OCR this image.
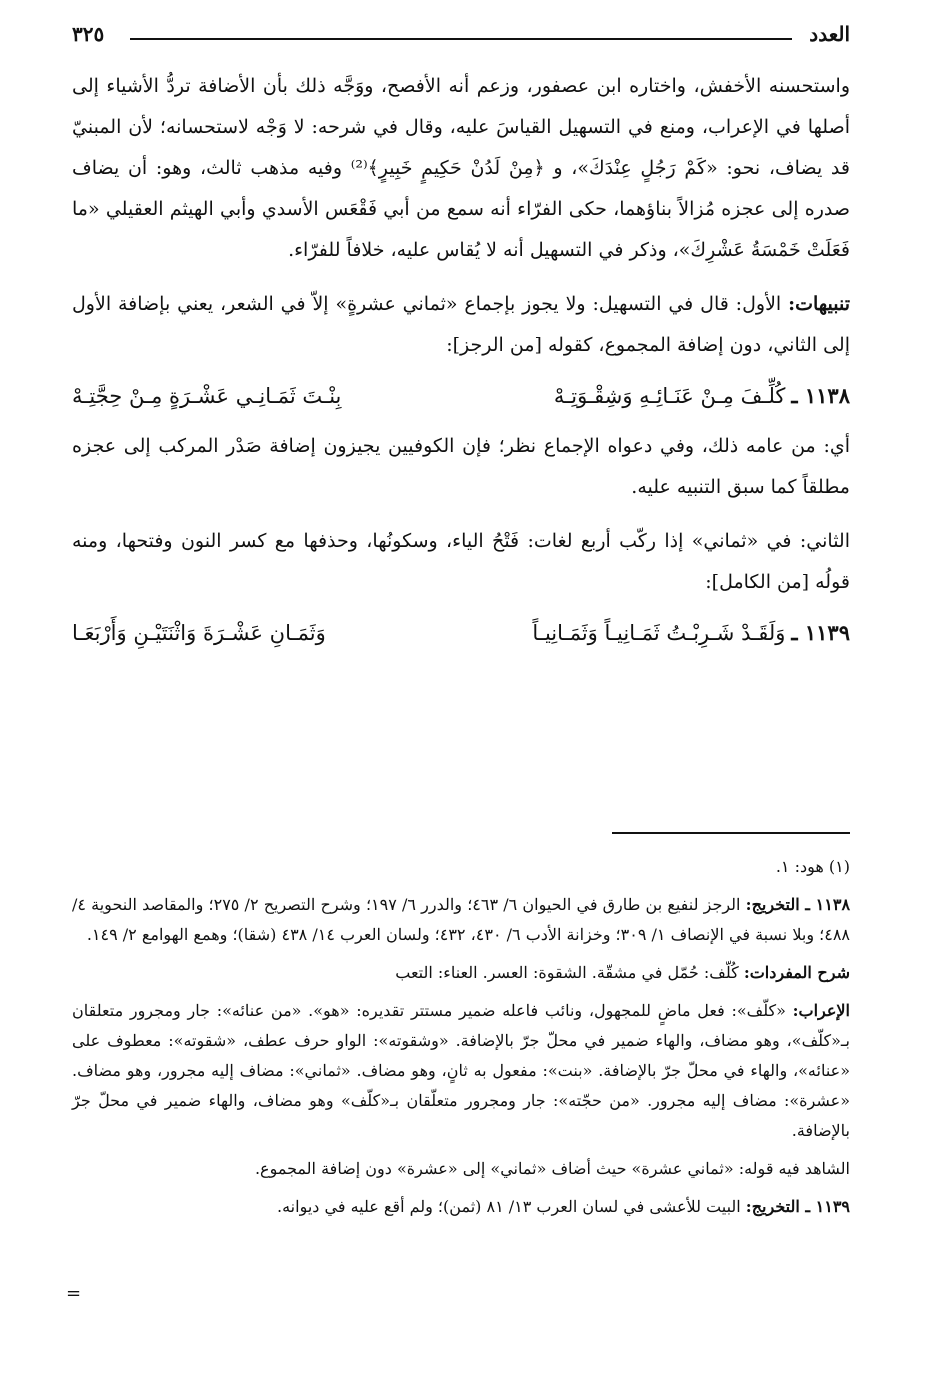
العدد
٣٢٥

واستحسنه الأخفش، واختاره ابن عصفور، وزعم أنه الأفصح، ووَجَّه ذلك بأن الأضافة تردُّ الأشياء إلى أصلها في الإعراب، ومنع في التسهيل القياسَ عليه، وقال في شرحه: لا وَجْه لاستحسانه؛ لأن المبنيّ قد يضاف، نحو: «كَمْ رَجُلٍ عِنْدَكَ»، و ﴿مِنْ لَدُنْ حَكِيمٍ خَبِيرٍ﴾⁽²⁾ وفيه مذهب ثالث، وهو: أن يضاف صدره إلى عجزه مُزالاً بناؤهما، حكى الفرّاء أنه سمع من أبي فَقْعَس الأسدي وأبي الهيثم العقيلي «ما فَعَلَتْ خَمْسَةُ عَشْرِكَ»، وذكر في التسهيل أنه لا يُقاس عليه، خلافاً للفرّاء.

تنبيهات: الأول: قال في التسهيل: ولا يجوز بإجماع «ثماني عشرةٍ» إلاّ في الشعر، يعني بإضافة الأول إلى الثاني، دون إضافة المجموع، كقوله [من الرجز]:

١١٣٨ ـ
كُلِّـفَ مِـنْ عَنَـائِـهِ وَشِقْـوَتِـهْ
بِنْـتَ ثَمَـانِـي عَشْـرَةٍ مِـنْ حِجَّتِـهْ

أي: من عامه ذلك، وفي دعواه الإجماع نظر؛ فإن الكوفيين يجيزون إضافة صَدْر المركب إلى عجزه مطلقاً كما سبق التنبيه عليه.

الثاني: في «ثماني» إذا ركّب أربع لغات: فَتْحُ الياء، وسكونُها، وحذفها مع كسر النون وفتحها، ومنه قولُه [من الكامل]:

١١٣٩ ـ
وَلَقَـدْ شَـرِبْـتُ ثَمَـانِيـاً وَثَمَـانِيـاً
وَثَمَـانِ عَشْـرَةَ وَاثْنَتَيْـنِ وَأَرْبَعَـا

(١) هود: ١.

١١٣٨ ـ التخريج: الرجز لنفيع بن طارق في الحيوان ٦/ ٤٦٣؛ والدرر ٦/ ١٩٧؛ وشرح التصريح ٢/ ٢٧٥؛ والمقاصد النحوية ٤/ ٤٨٨؛ وبلا نسبة في الإنصاف ١/ ٣٠٩؛ وخزانة الأدب ٦/ ٤٣٠، ٤٣٢؛ ولسان العرب ١٤/ ٤٣٨ (شقا)؛ وهمع الهوامع ٢/ ١٤٩.

شرح المفردات: كُلّف: حُمّل في مشقّة. الشقوة: العسر. العناء: التعب

الإعراب: «كلّف»: فعل ماضٍ للمجهول، ونائب فاعله ضمير مستتر تقديره: «هو». «من عنائه»: جار ومجرور متعلقان بـ«كلّف»، وهو مضاف، والهاء ضمير في محلّ جرّ بالإضافة. «وشقوته»: الواو حرف عطف، «شقوته»: معطوف على «عنائه»، والهاء في محلّ جرّ بالإضافة. «بنت»: مفعول به ثانٍ، وهو مضاف. «ثماني»: مضاف إليه مجرور، وهو مضاف. «عشرة»: مضاف إليه مجرور. «من حجّته»: جار ومجرور متعلّقان بـ«كلّف» وهو مضاف، والهاء ضمير في محلّ جرّ بالإضافة.

الشاهد فيه قوله: «ثماني عشرة» حيث أضاف «ثماني» إلى «عشرة» دون إضافة المجموع.

١١٣٩ ـ التخريج: البيت للأعشى في لسان العرب ١٣/ ٨١ (ثمن)؛ ولم أقع عليه في ديوانه.

=
